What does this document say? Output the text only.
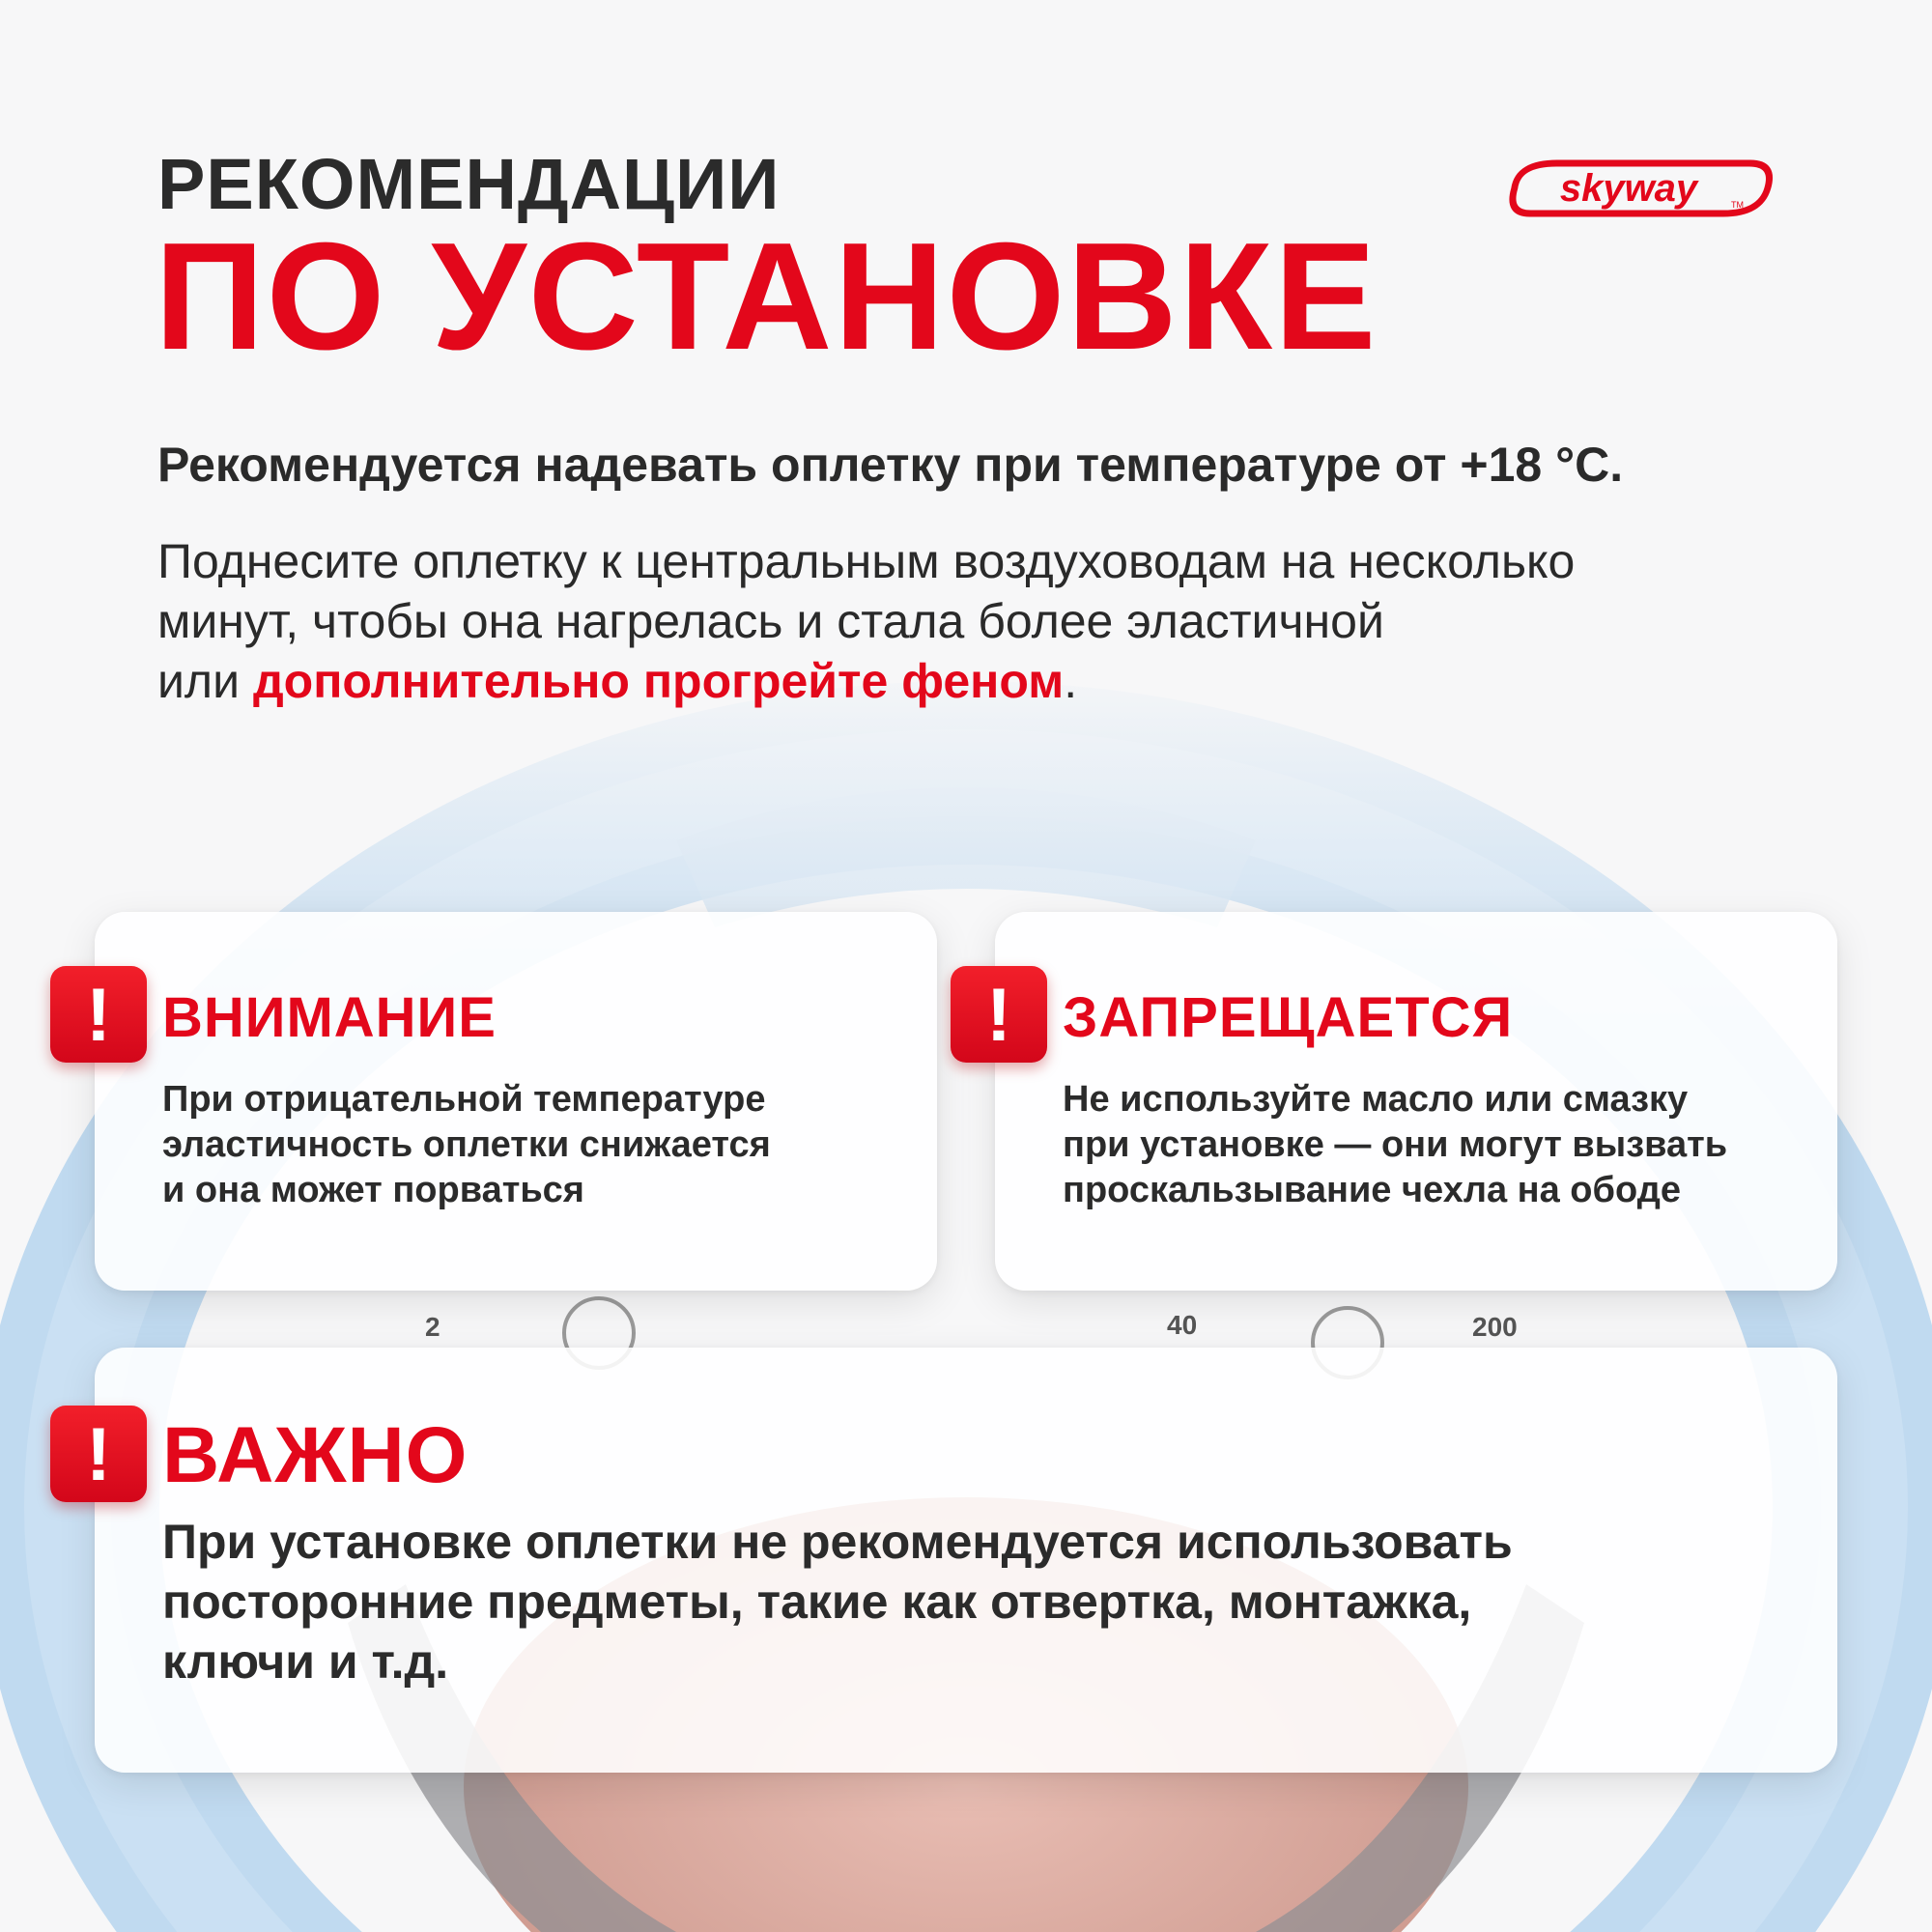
2	40	200
РЕКОМЕНДАЦИИ
ПО УСТАНОВКЕ
skyway	TM
Рекомендуется надевать оплетку при температуре от +18 °C.
Поднесите оплетку к центральным воздуховодам на несколько
минут, чтобы она нагрелась и стала более эластичной
или дополнительно прогрейте феном.
! ВНИМАНИЕ
При отрицательной температуре
эластичность оплетки снижается
и она может порваться
! ЗАПРЕЩАЕТСЯ
Не используйте масло или смазку
при установке — они могут вызвать
проскальзывание чехла на ободе
! ВАЖНО
При установке оплетки не рекомендуется использовать
посторонние предметы, такие как отвертка, монтажка,
ключи и т.д.
